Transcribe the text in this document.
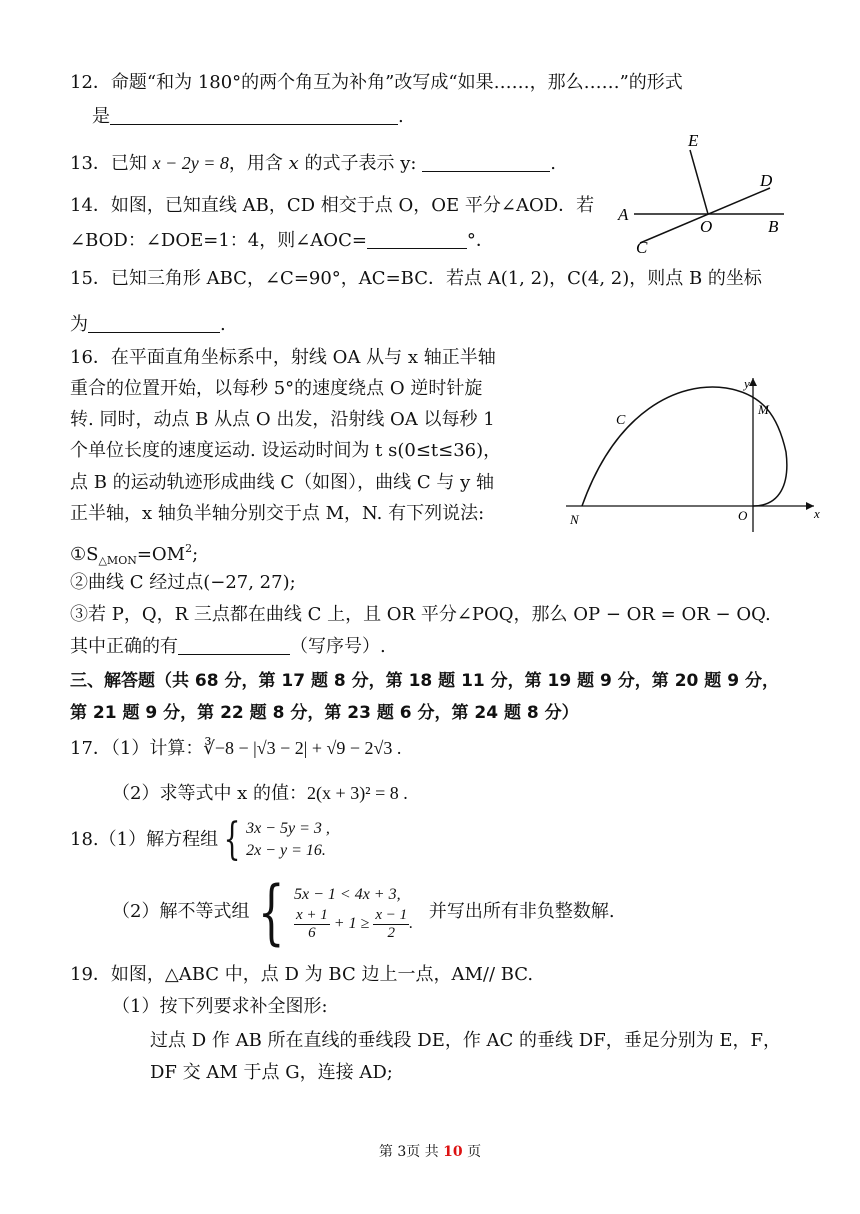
12．命题“和为 180°的两个角互为补角”改写成“如果……，那么……”的形式
是	.
13．已知 x − 2y = 8，用含 x 的式子表示 y:	.
14．如图，已知直线 AB，CD 相交于点 O，OE 平分∠AOD．若
∠BOD：∠DOE=1：4，则∠AOC=	°．
E
D
A
O	B
C
15．已知三角形 ABC，∠C=90°，AC=BC．若点 A(1, 2)，C(4, 2)，则点 B 的坐标
为	.
16．在平面直角坐标系中，射线 OA 从与 x 轴正半轴
重合的位置开始，以每秒 5°的速度绕点 O 逆时针旋
转. 同时，动点 B 从点 O 出发，沿射线 OA 以每秒 1
个单位长度的速度运动. 设运动时间为 t s(0≤t≤36)，
点 B 的运动轨迹形成曲线 C（如图），曲线 C 与 y 轴
正半轴，x 轴负半轴分别交于点 M，N. 有下列说法:
$①S_{\triangle MON}=OM^2$;
②曲线 C 经过点(−27, 27);
③若 P，Q，R 三点都在曲线 C 上，且 OR 平分∠POQ，那么 OP − OR = OR − OQ.
其中正确的有	（写序号）.
y
M
C
N	O	x
三、解答题（共 68 分，第 17 题 8 分，第 18 题 11 分，第 19 题 9 分，第 20 题 9 分，
第 21 题 9 分，第 22 题 8 分，第 23 题 6 分，第 24 题 8 分）
17．（1）计算：∛−8 − |√3 − 2| + √9 − 2√3 .
（2）求等式中 x 的值：2(x + 3)² = 8 .
18.（1）解方程组 { 3x − 5y = 3 ,
2x − y = 16.
（2）解不等式组 { 5x − 1 < 4x + 3,
$\frac{x + 1}{6} + 1 \ge \frac{x - 1}{2}$ .
并写出所有非负整数解.
19．如图，△ABC 中，点 D 为 BC 边上一点，AM// BC.
（1）按下列要求补全图形:
过点 D 作 AB 所在直线的垂线段 DE，作 AC 的垂线 DF，垂足分别为 E，F，
DF 交 AM 于点 G，连接 AD;
第 3页 共 10 页
